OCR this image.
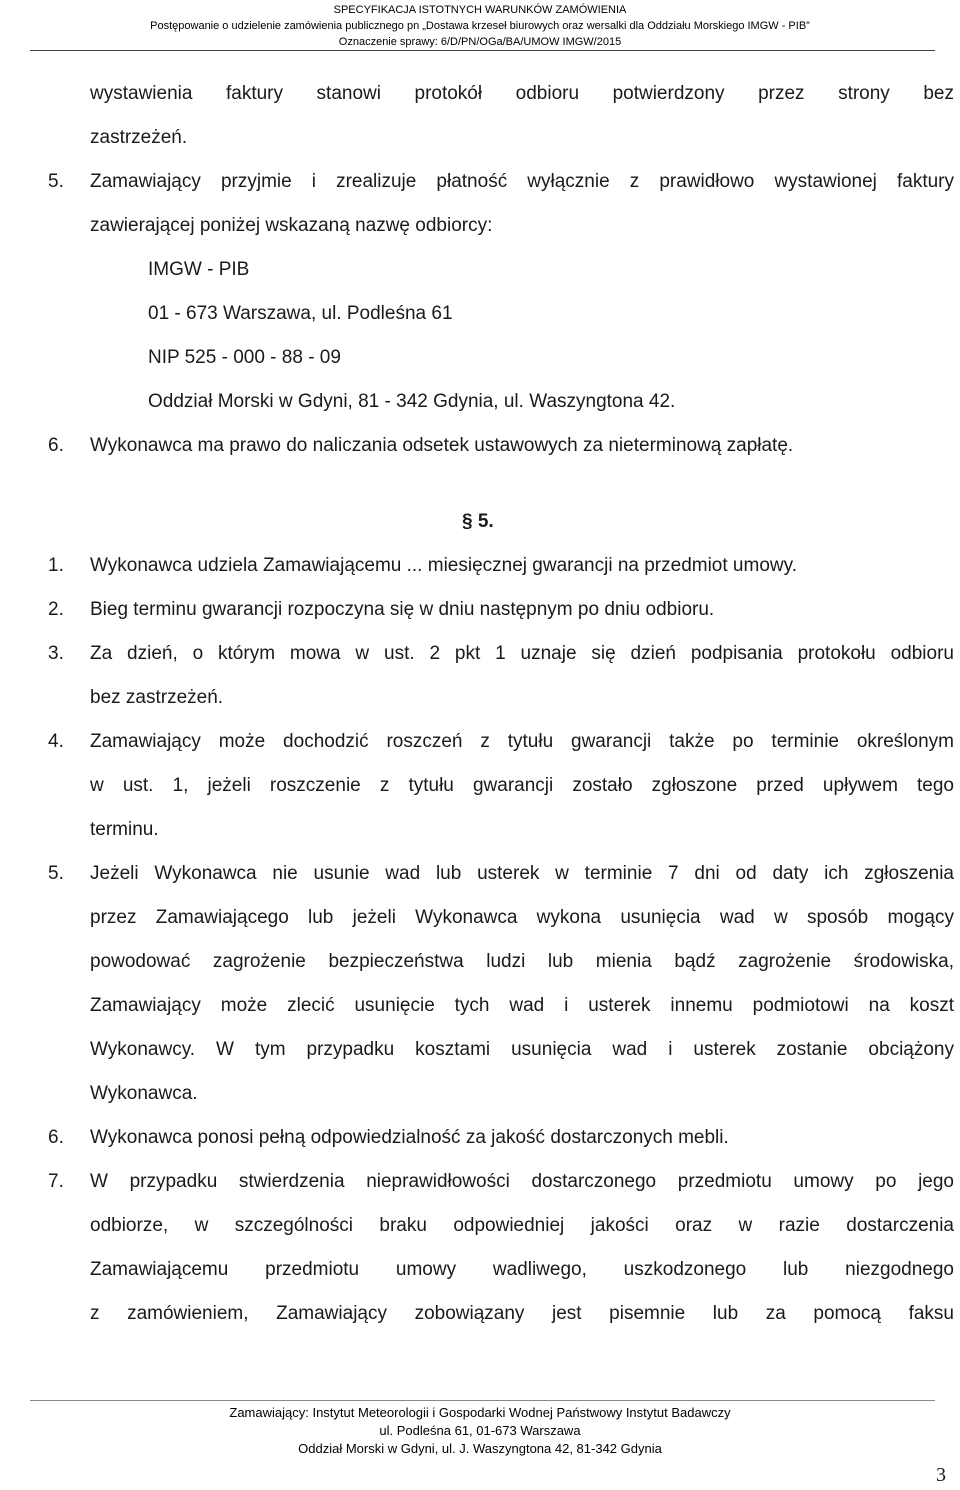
SPECYFIKACJA ISTOTNYCH WARUNKÓW ZAMÓWIENIA
Postępowanie o udzielenie zamówienia publicznego pn „Dostawa krzeseł biurowych oraz wersalki dla Oddziału Morskiego IMGW - PIB”
Oznaczenie sprawy: 6/D/PN/OGa/BA/UMOW IMGW/2015
wystawienia faktury stanowi protokół odbioru potwierdzony przez strony bez
zastrzeżeń.
5.	Zamawiający przyjmie i zrealizuje płatność wyłącznie z prawidłowo wystawionej faktury
zawierającej poniżej wskazaną nazwę odbiorcy:
IMGW - PIB
01 - 673 Warszawa, ul. Podleśna 61
NIP 525 - 000 - 88 - 09
Oddział Morski w Gdyni, 81 - 342 Gdynia, ul. Waszyngtona 42.
6.	Wykonawca ma prawo do naliczania odsetek ustawowych za nieterminową zapłatę.
§ 5.
1.	Wykonawca udziela Zamawiającemu ... miesięcznej gwarancji na przedmiot umowy.
2.	Bieg terminu gwarancji rozpoczyna się w dniu następnym po dniu odbioru.
3.	Za dzień, o którym mowa w ust. 2 pkt 1 uznaje się dzień podpisania protokołu odbioru
bez zastrzeżeń.
4.	Zamawiający może dochodzić roszczeń z tytułu gwarancji także po terminie określonym
w ust. 1, jeżeli roszczenie z tytułu gwarancji zostało zgłoszone przed upływem tego
terminu.
5.	Jeżeli Wykonawca nie usunie wad lub usterek w terminie 7 dni od daty ich zgłoszenia
przez Zamawiającego lub jeżeli Wykonawca wykona usunięcia wad w sposób mogący
powodować zagrożenie bezpieczeństwa ludzi lub mienia bądź zagrożenie środowiska,
Zamawiający może zlecić usunięcie tych wad i usterek innemu podmiotowi na koszt
Wykonawcy. W tym przypadku kosztami usunięcia wad i usterek zostanie obciążony
Wykonawca.
6.	Wykonawca ponosi pełną odpowiedzialność za jakość dostarczonych mebli.
7.	W przypadku stwierdzenia nieprawidłowości dostarczonego przedmiotu umowy po jego
odbiorze, w szczególności braku odpowiedniej jakości oraz w razie dostarczenia
Zamawiającemu przedmiotu umowy wadliwego, uszkodzonego lub niezgodnego
z zamówieniem, Zamawiający zobowiązany jest pisemnie lub za pomocą faksu
Zamawiający: Instytut Meteorologii i Gospodarki Wodnej Państwowy Instytut Badawczy
ul. Podleśna 61, 01-673 Warszawa
Oddział Morski w Gdyni, ul. J. Waszyngtona 42, 81-342 Gdynia
3
